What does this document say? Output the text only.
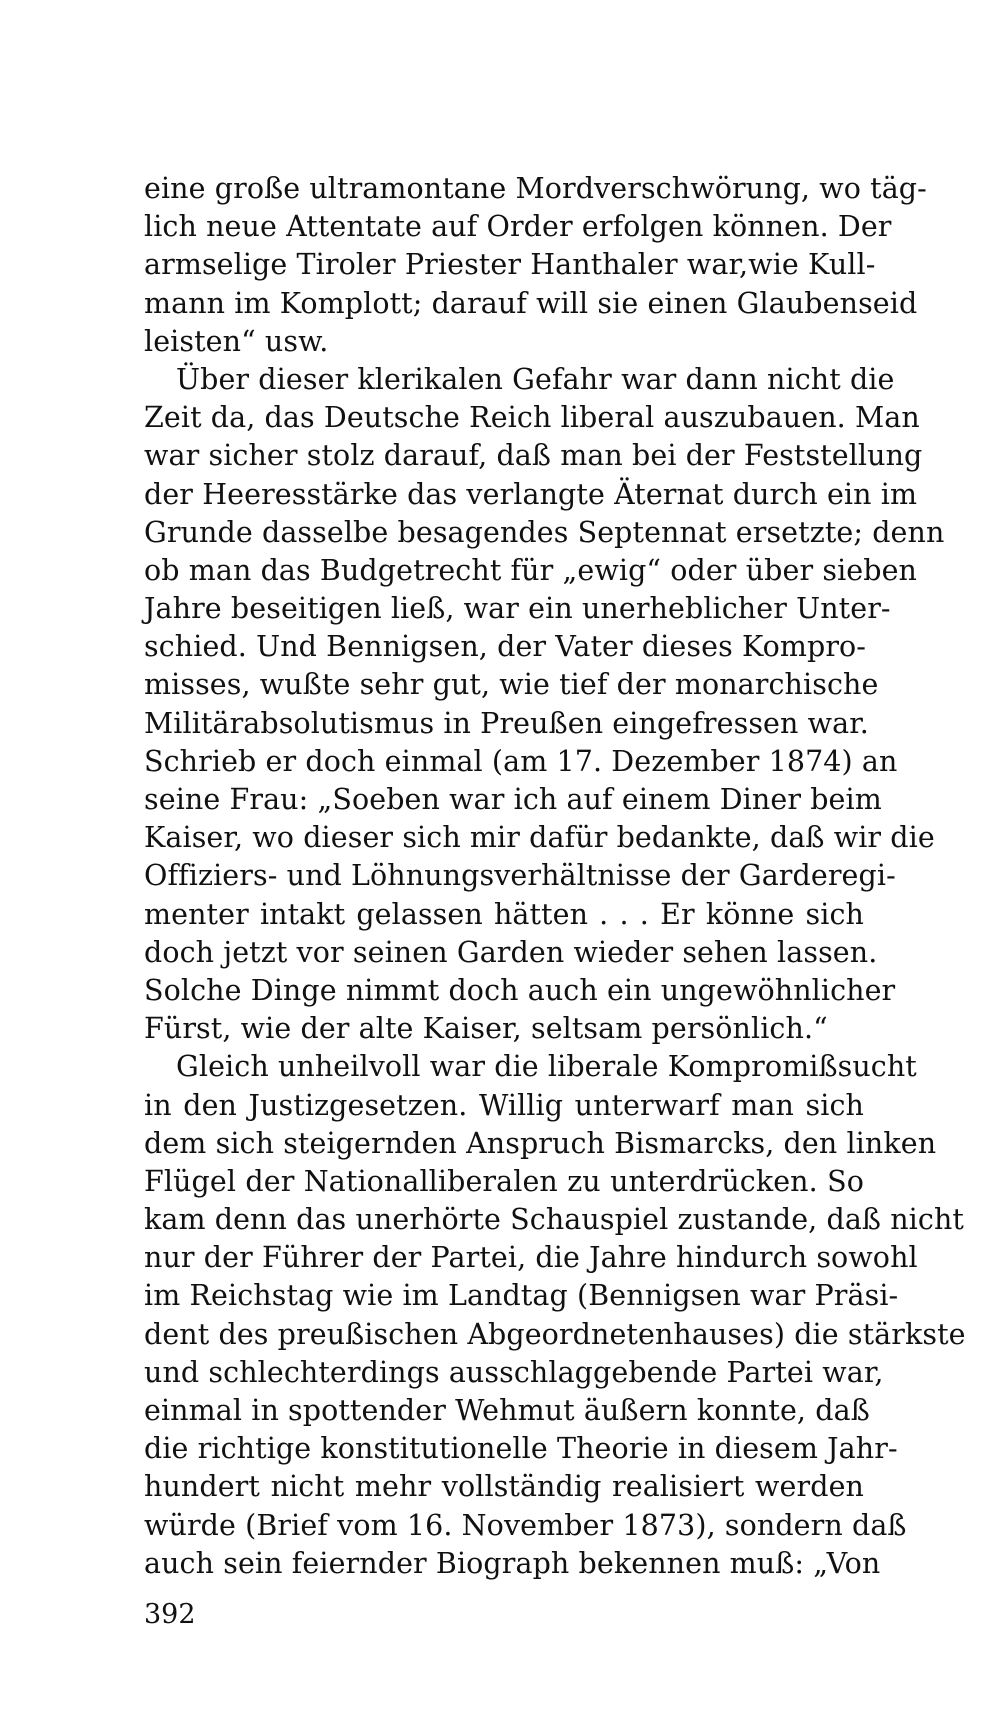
eine große ultramontane Mordverschwörung, wo täg-
lich neue Attentate auf Order erfolgen können. Der
armselige Tiroler Priester Hanthaler war,wie Kull-
mann im Komplott; darauf will sie einen Glaubenseid
leisten“ usw.
Über dieser klerikalen Gefahr war dann nicht die
Zeit da, das Deutsche Reich liberal auszubauen. Man
war sicher stolz darauf, daß man bei der Feststellung
der Heeresstärke das verlangte Äternat durch ein im
Grunde dasselbe besagendes Septennat ersetzte; denn
ob man das Budgetrecht für „ewig“ oder über sieben
Jahre beseitigen ließ, war ein unerheblicher Unter-
schied. Und Bennigsen, der Vater dieses Kompro-
misses, wußte sehr gut, wie tief der monarchische
Militärabsolutismus in Preußen eingefressen war.
Schrieb er doch einmal (am 17. Dezember 1874) an
seine Frau: „Soeben war ich auf einem Diner beim
Kaiser, wo dieser sich mir dafür bedankte, daß wir die
Offiziers- und Löhnungsverhältnisse der Garderegi-
menter intakt gelassen hätten . . . Er könne sich
doch jetzt vor seinen Garden wieder sehen lassen.
Solche Dinge nimmt doch auch ein ungewöhnlicher
Fürst, wie der alte Kaiser, seltsam persönlich.“
Gleich unheilvoll war die liberale Kompromißsucht
in den Justizgesetzen. Willig unterwarf man sich
dem sich steigernden Anspruch Bismarcks, den linken
Flügel der Nationalliberalen zu unterdrücken. So
kam denn das unerhörte Schauspiel zustande, daß nicht
nur der Führer der Partei, die Jahre hindurch sowohl
im Reichstag wie im Landtag (Bennigsen war Präsi-
dent des preußischen Abgeordnetenhauses) die stärkste
und schlechterdings ausschlaggebende Partei war,
einmal in spottender Wehmut äußern konnte, daß
die richtige konstitutionelle Theorie in diesem Jahr-
hundert nicht mehr vollständig realisiert werden
würde (Brief vom 16. November 1873), sondern daß
auch sein feiernder Biograph bekennen muß: „Von
392
